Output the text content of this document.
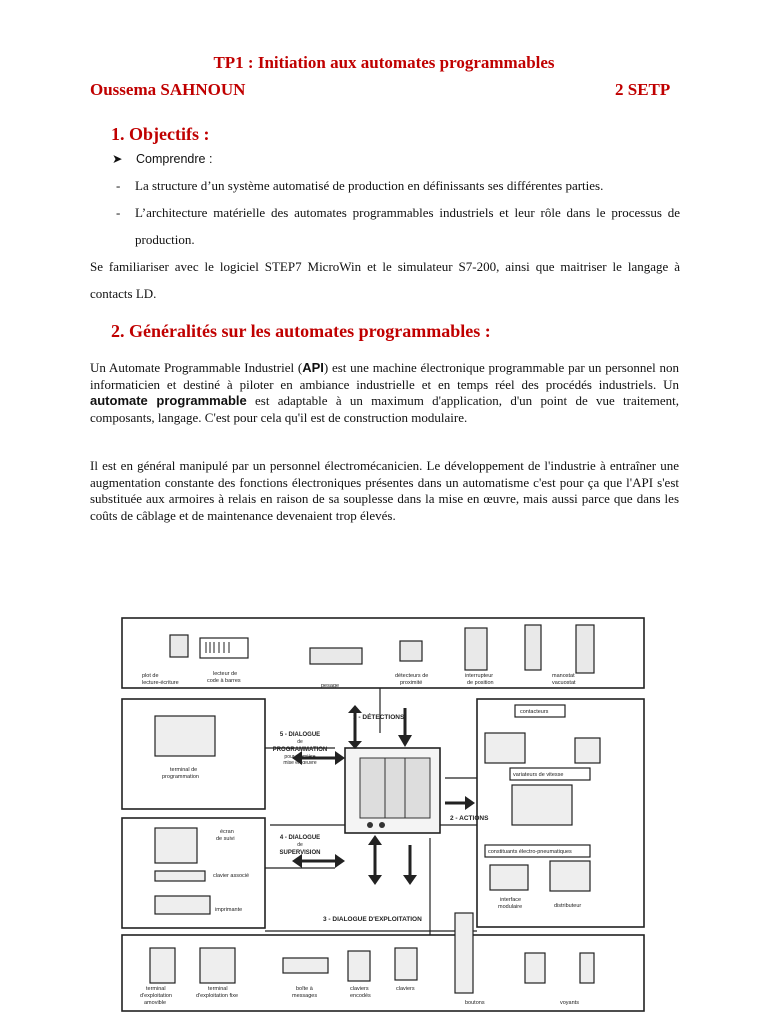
TP1 : Initiation aux automates programmables
Oussema SAHNOUN	2 SETP
1. Objectifs :
➤ Comprendre :
- La structure d’un système automatisé de production en définissants ses différentes parties.
- L’architecture matérielle des automates programmables industriels et leur rôle dans le processus de production.
Se familiariser avec le logiciel STEP7 MicroWin et le simulateur S7-200, ainsi que maitriser le langage à contacts LD.
2. Généralités sur les automates programmables :
Un Automate Programmable Industriel (API) est une machine électronique programmable par un personnel non informaticien et destiné à piloter en ambiance industrielle et en temps réel des procédés industriels. Un automate programmable est adaptable à un maximum d'application, d'un point de vue traitement, composants, langage. C'est pour cela qu'il est de construction modulaire.
Il est en général manipulé par un personnel électromécanicien. Le développement de l'industrie à entraîner une augmentation constante des fonctions électroniques présentes dans un automatisme c'est pour ça que l'API s'est substituée aux armoires à relais en raison de sa souplesse dans la mise en œuvre, mais aussi parce que dans les coûts de câblage et de maintenance devenaient trop élevés.
plot de
lecture-écriture
lecteur de
code à barres
pesage
détecteurs de
proximité
interrupteur
de position
manostat
vacuostat
terminal de
programmation
écran
de suivi
clavier associé
imprimante
contacteurs
variateurs de vitesse
constituants électro-pneumatiques
interface
modulaire	distributeur
terminal
d'exploitation
amovible
terminal
d'exploitation fixe
boîte à
messages
claviers
encodés
claviers
boutons	voyants
1 - DÉTECTIONS
2 - ACTIONS
3 - DIALOGUE D'EXPLOITATION
4 - DIALOGUE
de
SUPERVISION
5 - DIALOGUE
de
PROGRAMMATION
pour première
mise en œuvre
